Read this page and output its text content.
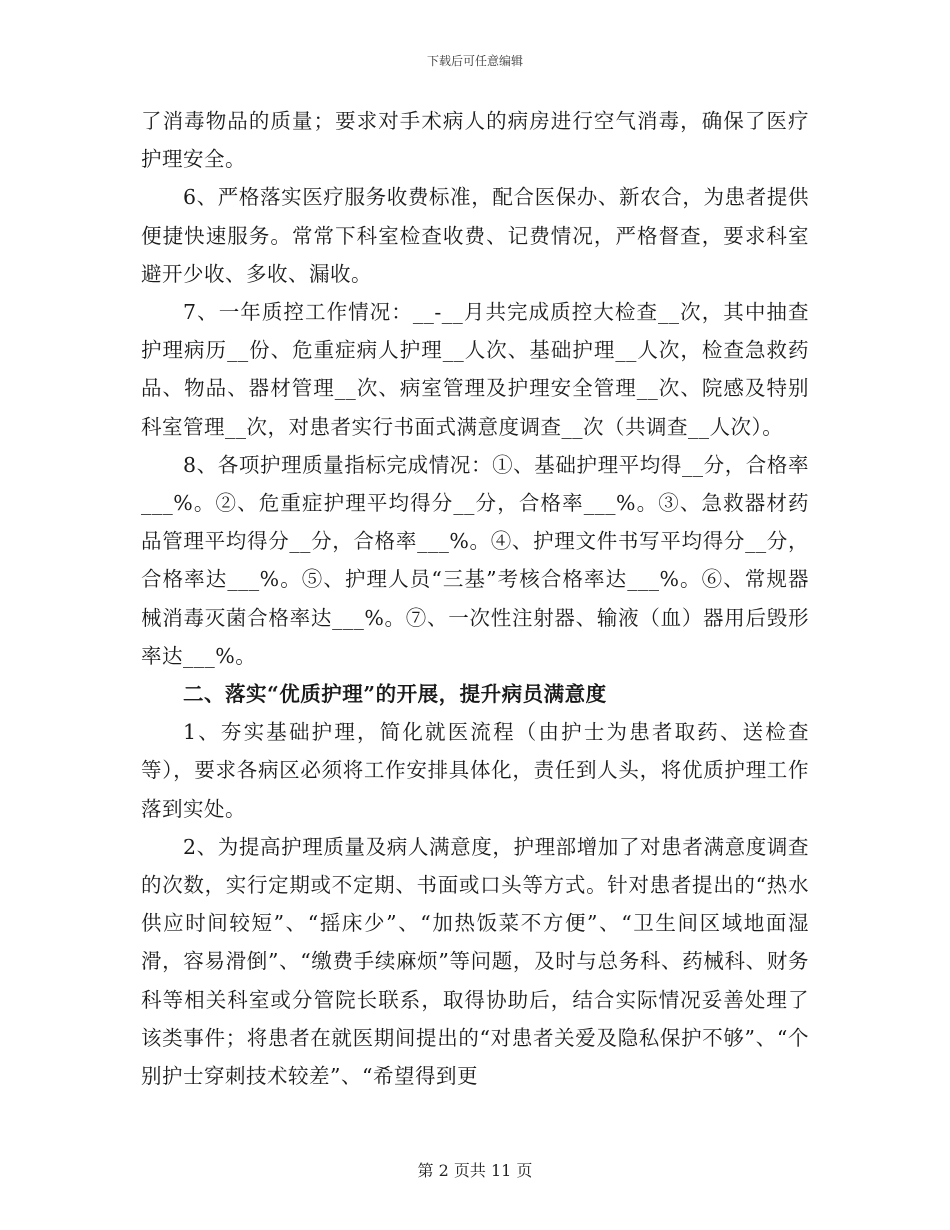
下载后可任意编辑

了消毒物品的质量；要求对手术病人的病房进行空气消毒，确保了医疗护理安全。

6、严格落实医疗服务收费标准，配合医保办、新农合，为患者提供便捷快速服务。常常下科室检查收费、记费情况，严格督查，要求科室避开少收、多收、漏收。

7、一年质控工作情况：__-__月共完成质控大检查__次，其中抽查护理病历__份、危重症病人护理__人次、基础护理__人次，检查急救药品、物品、器材管理__次、病室管理及护理安全管理__次、院感及特别科室管理__次，对患者实行书面式满意度调查__次（共调查__人次）。

8、各项护理质量指标完成情况：①、基础护理平均得__分，合格率___%。②、危重症护理平均得分__分，合格率___%。③、急救器材药品管理平均得分__分，合格率___%。④、护理文件书写平均得分__分，合格率达___%。⑤、护理人员“三基”考核合格率达___%。⑥、常规器械消毒灭菌合格率达___%。⑦、一次性注射器、输液（血）器用后毁形率达___%。

二、落实“优质护理”的开展，提升病员满意度

1、夯实基础护理，简化就医流程（由护士为患者取药、送检查等），要求各病区必须将工作安排具体化，责任到人头，将优质护理工作落到实处。

2、为提高护理质量及病人满意度，护理部增加了对患者满意度调查的次数，实行定期或不定期、书面或口头等方式。针对患者提出的“热水供应时间较短”、“摇床少”、“加热饭菜不方便”、“卫生间区域地面湿滑，容易滑倒”、“缴费手续麻烦”等问题，及时与总务科、药械科、财务科等相关科室或分管院长联系，取得协助后，结合实际情况妥善处理了该类事件；将患者在就医期间提出的“对患者关爱及隐私保护不够”、“个别护士穿刺技术较差”、“希望得到更

第 2 页共 11 页
